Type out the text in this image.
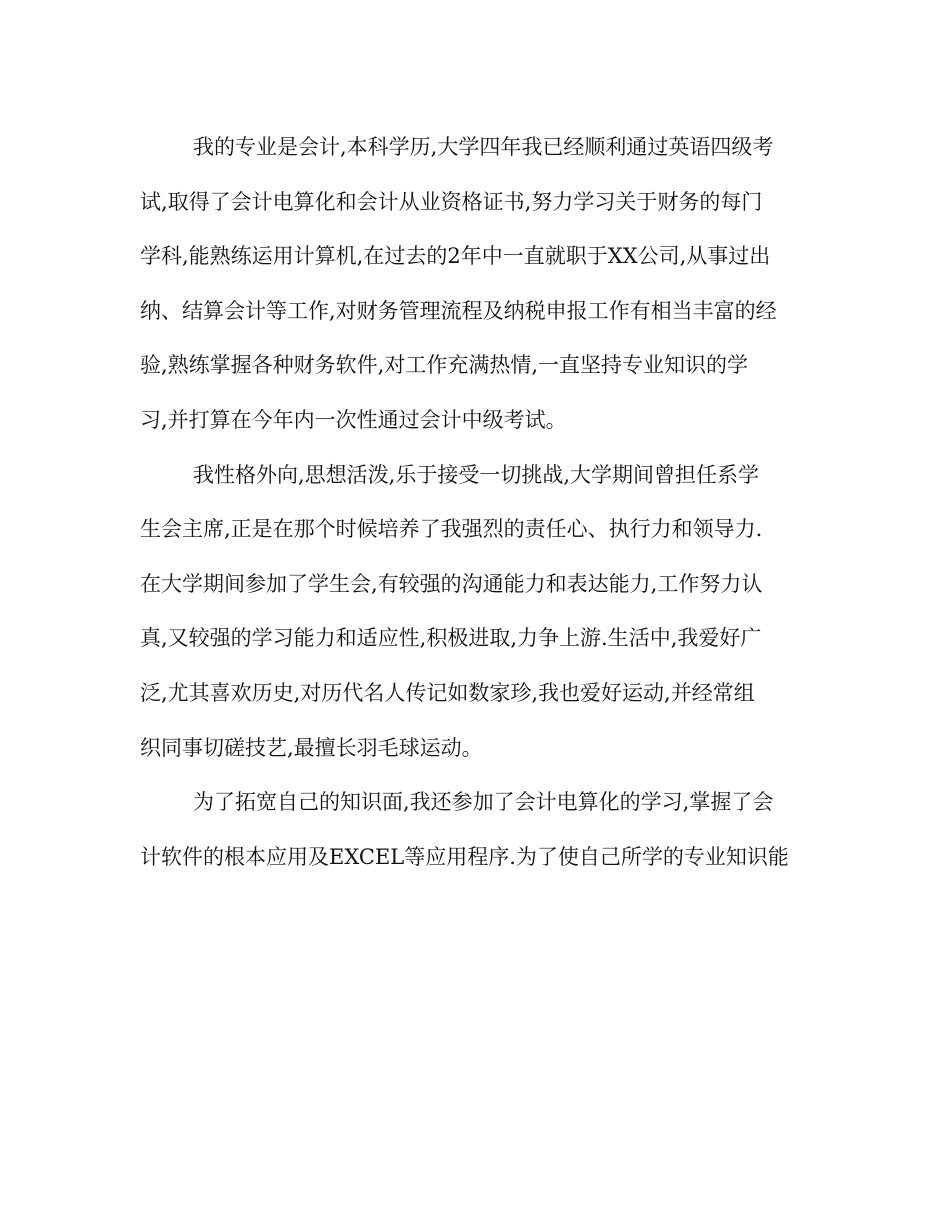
我的专业是会计,本科学历,大学四年我已经顺利通过英语四级考
试,取得了会计电算化和会计从业资格证书,努力学习关于财务的每门
学科,能熟练运用计算机,在过去的2年中一直就职于XX公司,从事过出
纳、结算会计等工作,对财务管理流程及纳税申报工作有相当丰富的经
验,熟练掌握各种财务软件,对工作充满热情,一直坚持专业知识的学
习,并打算在今年内一次性通过会计中级考试。
我性格外向,思想活泼,乐于接受一切挑战,大学期间曾担任系学
生会主席,正是在那个时候培养了我强烈的责任心、执行力和领导力.
在大学期间参加了学生会,有较强的沟通能力和表达能力,工作努力认
真,又较强的学习能力和适应性,积极进取,力争上游.生活中,我爱好广
泛,尤其喜欢历史,对历代名人传记如数家珍,我也爱好运动,并经常组
织同事切磋技艺,最擅长羽毛球运动。
为了拓宽自己的知识面,我还参加了会计电算化的学习,掌握了会
计软件的根本应用及EXCEL等应用程序.为了使自己所学的专业知识能
